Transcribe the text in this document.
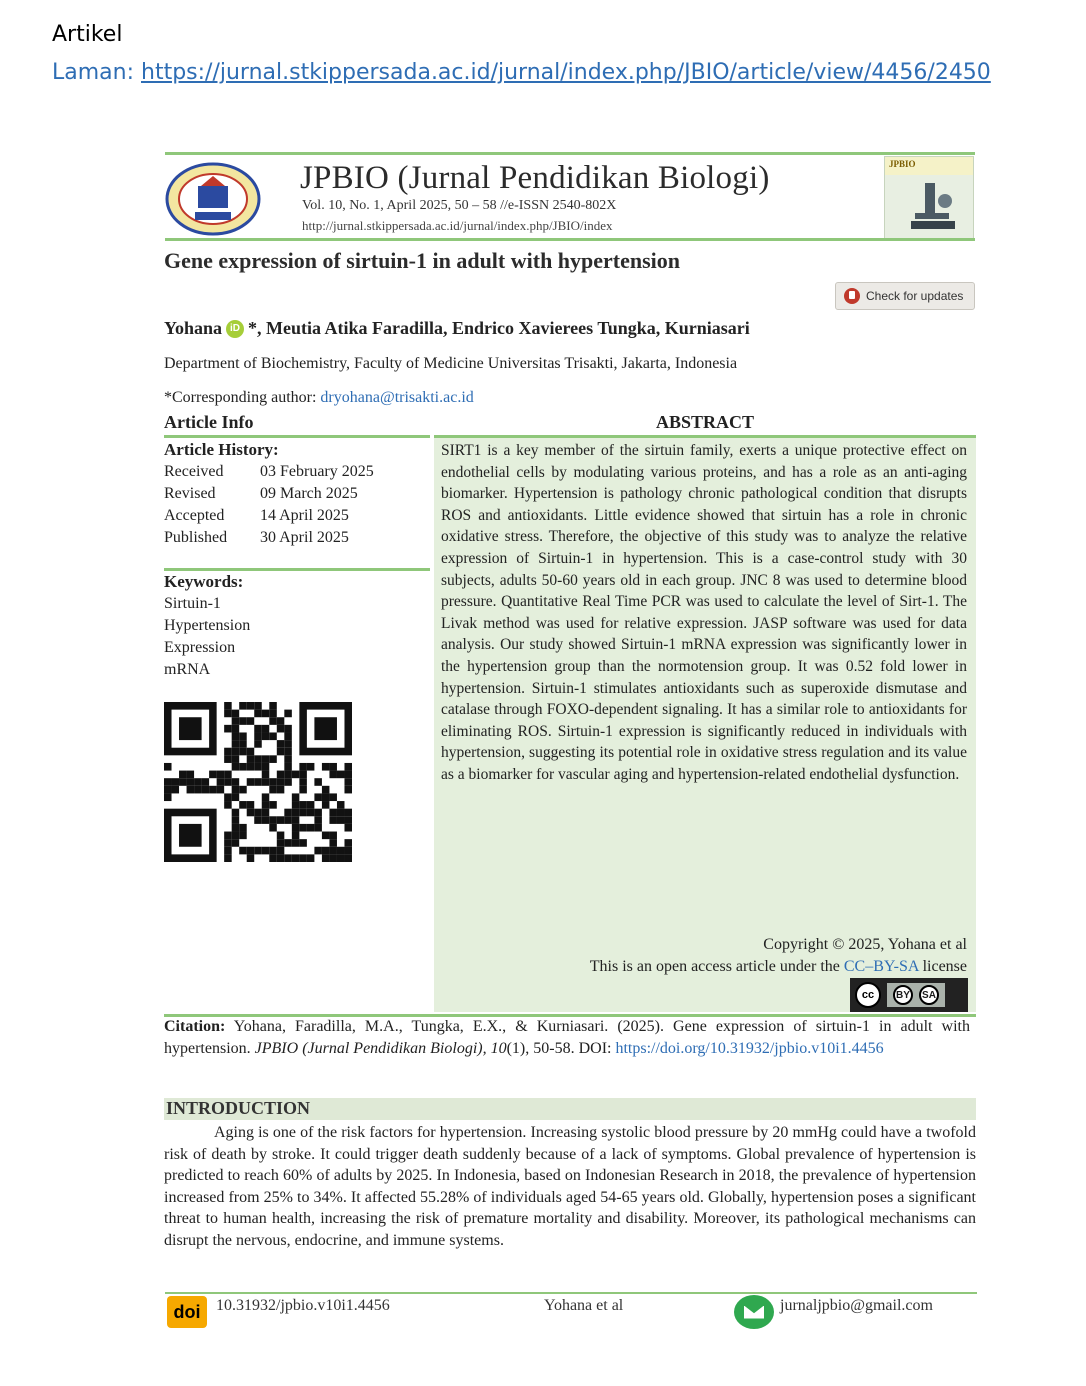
Artikel
Laman: https://jurnal.stkippersada.ac.id/jurnal/index.php/JBIO/article/view/4456/2450
JPBIO (Jurnal Pendidikan Biologi)
Vol. 10, No. 1, April 2025, 50 – 58 //e-ISSN 2540-802X
http://jurnal.stkippersada.ac.id/jurnal/index.php/JBIO/index
JPBIO
Gene expression of sirtuin-1 in adult with hypertension
Check for updates
Yohana iD *, Meutia Atika Faradilla, Endrico Xavierees Tungka, Kurniasari
Department of Biochemistry, Faculty of Medicine Universitas Trisakti, Jakarta, Indonesia
*Corresponding author: dryohana@trisakti.ac.id
Article Info	ABSTRACT
Article History:
Received	03 February 2025
Revised	09 March 2025
Accepted	14 April 2025
Published	30 April 2025
Keywords:
Sirtuin-1
Hypertension
Expression
mRNA
SIRT1 is a key member of the sirtuin family, exerts a unique protective effect on endothelial cells by modulating various proteins, and has a role as an anti-aging biomarker. Hypertension is pathology chronic pathological condition that disrupts ROS and antioxidants. Little evidence showed that sirtuin has a role in chronic oxidative stress. Therefore, the objective of this study was to analyze the relative expression of Sirtuin-1 in hypertension. This is a case-control study with 30 subjects, adults 50-60 years old in each group. JNC 8 was used to determine blood pressure. Quantitative Real Time PCR was used to calculate the level of Sirt-1. The Livak method was used for relative expression. JASP software was used for data analysis. Our study showed Sirtuin-1 mRNA expression was significantly lower in the hypertension group than the normotension group. It was 0.52 fold lower in hypertension. Sirtuin-1 stimulates antioxidants such as superoxide dismutase and catalase through FOXO-dependent signaling. It has a similar role to antioxidants for eliminating ROS. Sirtuin-1 expression is significantly reduced in individuals with hypertension, suggesting its potential role in oxidative stress regulation and its value as a biomarker for vascular aging and hypertension-related endothelial dysfunction.
Copyright © 2025, Yohana et al
This is an open access article under the CC–BY-SA license
cc	BY	SA
Citation: Yohana, Faradilla, M.A., Tungka, E.X., & Kurniasari. (2025). Gene expression of sirtuin-1 in adult with hypertension. JPBIO (Jurnal Pendidikan Biologi), 10(1), 50-58. DOI: https://doi.org/10.31932/jpbio.v10i1.4456
INTRODUCTION

Aging is one of the risk factors for hypertension. Increasing systolic blood pressure by 20 mmHg could have a twofold risk of death by stroke. It could trigger death suddenly because of a lack of symptoms. Global prevalence of hypertension is predicted to reach 60% of adults by 2025. In Indonesia, based on Indonesian Research in 2018, the prevalence of hypertension increased from 25% to 34%. It affected 55.28% of individuals aged 54-65 years old. Globally, hypertension poses a significant threat to human health, increasing the risk of premature mortality and disability. Moreover, its pathological mechanisms can disrupt the nervous, endocrine, and immune systems.

doi 10.31932/jpbio.v10i1.4456	Yohana et al	jurnaljpbio@gmail.com
